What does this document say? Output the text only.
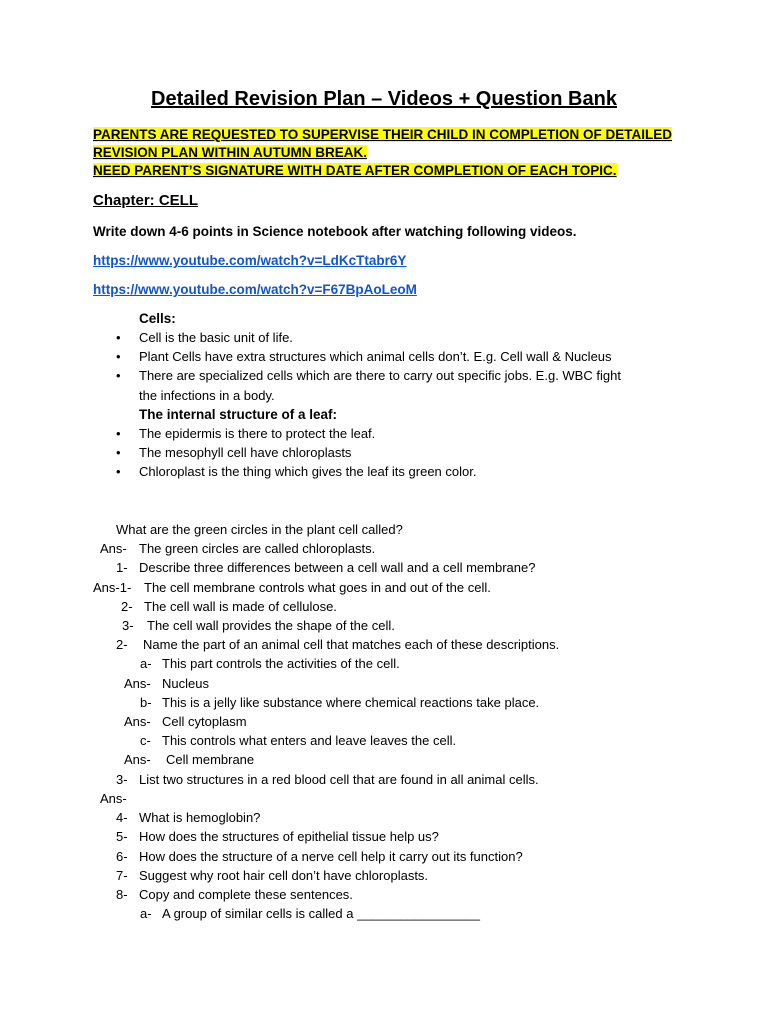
Detailed Revision Plan – Videos + Question Bank
PARENTS ARE REQUESTED TO SUPERVISE THEIR CHILD IN COMPLETION OF DETAILED
REVISION PLAN WITHIN AUTUMN BREAK.
NEED PARENT’S SIGNATURE WITH DATE AFTER COMPLETION OF EACH TOPIC.
Chapter: CELL
Write down 4-6 points in Science notebook after watching following videos.
https://www.youtube.com/watch?v=LdKcTtabr6Y
https://www.youtube.com/watch?v=F67BpAoLeoM
Cells:
• Cell is the basic unit of life.
• Plant Cells have extra structures which animal cells don’t. E.g. Cell wall & Nucleus
• There are specialized cells which are there to carry out specific jobs. E.g. WBC fight
the infections in a body.
The internal structure of a leaf:
• The epidermis is there to protect the leaf.
• The mesophyll cell have chloroplasts
• Chloroplast is the thing which gives the leaf its green color.
What are the green circles in the plant cell called?
Ans- The green circles are called chloroplasts.
1- Describe three differences between a cell wall and a cell membrane?
Ans-1- The cell membrane controls what goes in and out of the cell.
2- The cell wall is made of cellulose.
3- The cell wall provides the shape of the cell.
2- Name the part of an animal cell that matches each of these descriptions.
a- This part controls the activities of the cell.
Ans- Nucleus
b- This is a jelly like substance where chemical reactions take place.
Ans- Cell cytoplasm
c- This controls what enters and leave leaves the cell.
Ans- Cell membrane
3- List two structures in a red blood cell that are found in all animal cells.
Ans-
4- What is hemoglobin?
5- How does the structures of epithelial tissue help us?
6- How does the structure of a nerve cell help it carry out its function?
7- Suggest why root hair cell don’t have chloroplasts.
8- Copy and complete these sentences.
a- A group of similar cells is called a _________________
